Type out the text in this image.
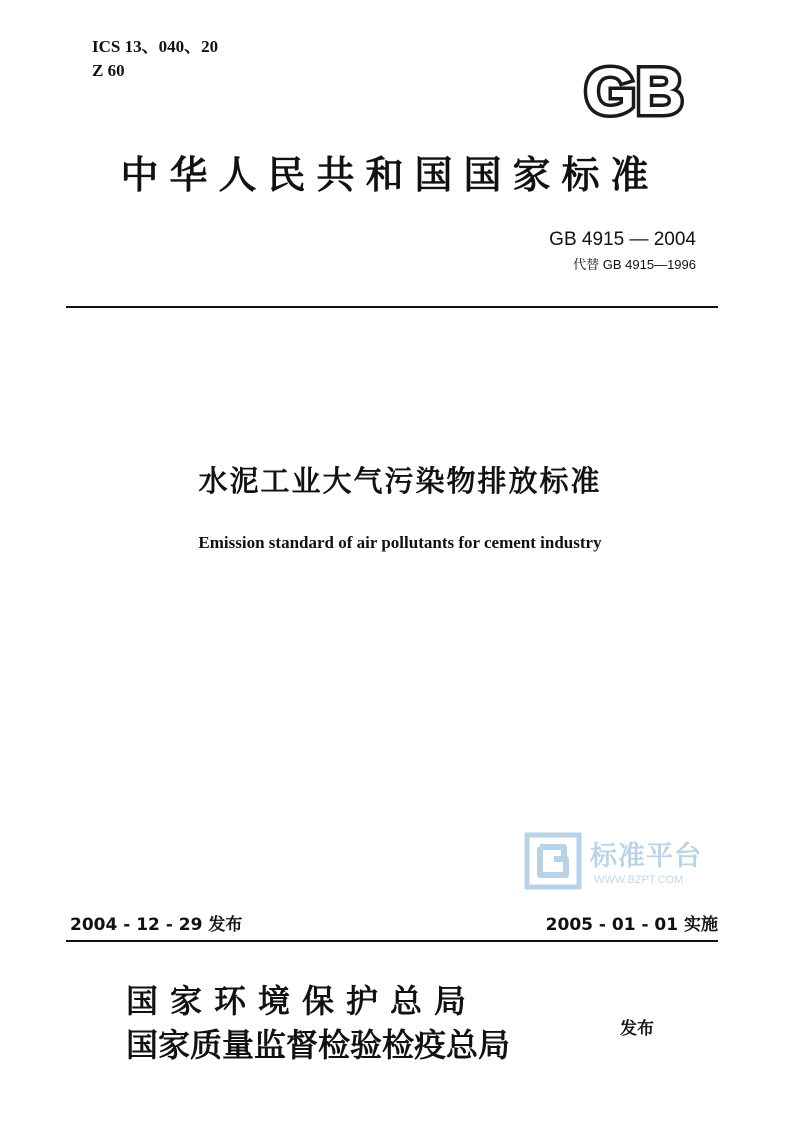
ICS 13、040、20
Z 60	GB
中华人民共和国国家标准
GB 4915 — 2004
代替 GB 4915—1996
水泥工业大气污染物排放标准
Emission standard of air pollutants for cement industry
标准平台
WWW.BZPT.COM
2004 - 12 - 29 发布	2005 - 01 - 01 实施
国家环境保护总局
国家质量监督检验检疫总局	发布
